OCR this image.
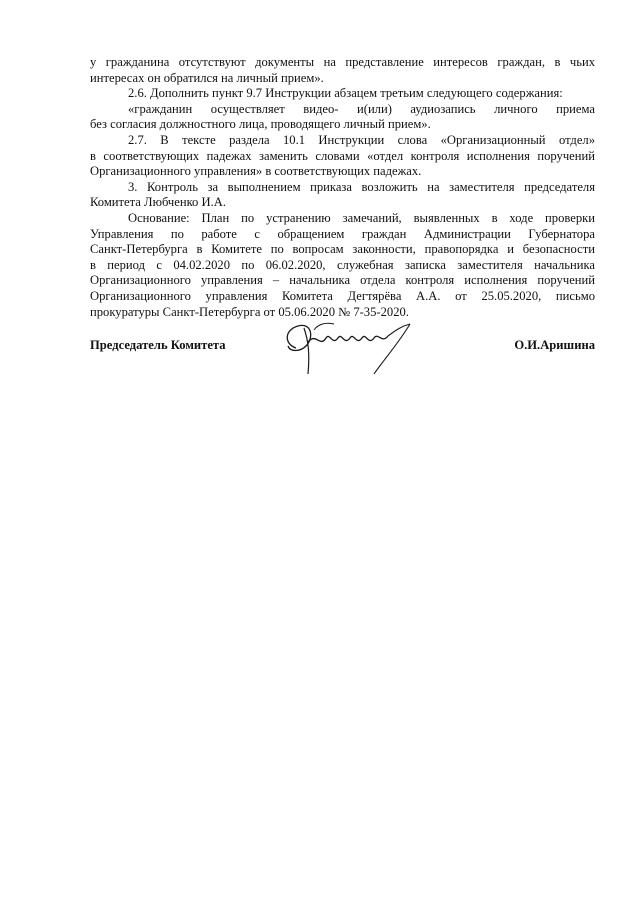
у гражданина отсутствуют документы на представление интересов граждан, в чьих
интересах он обратился на личный прием».

2.6. Дополнить пункт 9.7 Инструкции абзацем третьим следующего содержания:

«гражданин осуществляет видео- и(или) аудиозапись личного приема
без согласия должностного лица, проводящего личный прием».

2.7. В тексте раздела 10.1 Инструкции слова «Организационный отдел»
в соответствующих падежах заменить словами «отдел контроля исполнения поручений
Организационного управления» в соответствующих падежах.

3. Контроль за выполнением приказа возложить на заместителя председателя
Комитета Любченко И.А.

Основание: План по устранению замечаний, выявленных в ходе проверки
Управления по работе с обращением граждан Администрации Губернатора
Санкт-Петербурга в Комитете по вопросам законности, правопорядка и безопасности
в период с 04.02.2020 по 06.02.2020, служебная записка заместителя начальника
Организационного управления – начальника отдела контроля исполнения поручений
Организационного управления Комитета Дегтярёва А.А. от 25.05.2020, письмо
прокуратуры Санкт-Петербурга от 05.06.2020 № 7-35-2020.

Председатель Комитета	О.И.Аришина
